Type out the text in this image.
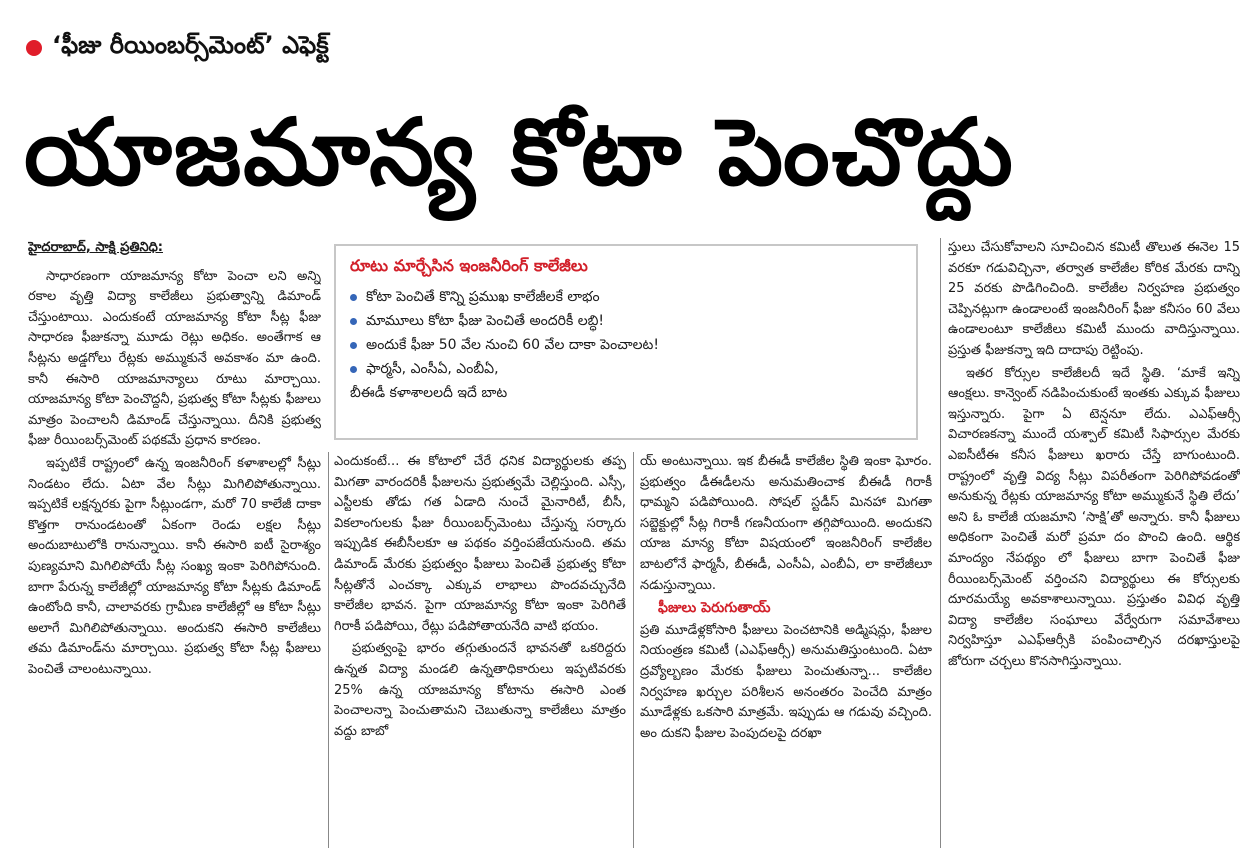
‘ఫీజు రీయింబర్స్‌మెంట్’ ఎఫెక్ట్
యాజమాన్య కోటా పెంచొద్దు

హైదరాబాద్, సాక్షి ప్రతినిధి:

సాధారణంగా యాజమాన్య కోటా పెంచా లని అన్ని రకాల వృత్తి విద్యా కాలేజీలు ప్రభుత్వాన్ని డిమాండ్ చేస్తుంటాయి. ఎందుకంటే యాజమాన్య కోటా సీట్ల ఫీజు సాధారణ ఫీజుకన్నా మూడు రెట్లు అధికం. అంతేగాక ఆ సీట్లను అడ్డగోలు రేట్లకు అమ్ముకునే అవకాశం మా ఉంది. కానీ ఈసారి యాజమాన్యాలు రూటు మార్చాయి. యాజమాన్య కోటా పెంచొద్దనీ, ప్రభుత్వ కోటా సీట్లకు ఫీజులు మాత్రం పెంచాలనీ డిమాండ్ చేస్తున్నాయి. దీనికి ప్రభుత్వ ఫీజు రీయింబర్స్‌మెంట్ పథకమే ప్రధాన కారణం.

ఇప్పటికే రాష్ట్రంలో ఉన్న ఇంజనీరింగ్ కళాశాలల్లో సీట్లు నిండటం లేదు. ఏటా వేల సీట్లు మిగిలిపోతున్నాయి. ఇప్పటికే లక్షన్నరకు పైగా సీట్లుండగా, మరో 70 కాలేజీ దాకా కొత్తగా రానుండటంతో ఏకంగా రెండు లక్షల సీట్లు అందుబాటులోకి రానున్నాయి. కానీ ఈసారి ఐటీ సైరాశ్యం పుణ్యమాని మిగిలిపోయే సీట్ల సంఖ్య ఇంకా పెరిగిపోనుంది. బాగా పేరున్న కాలేజీల్లో యాజమాన్య కోటా సీట్లకు డిమాండ్ ఉంటోంది కానీ, చాలావరకు గ్రామీణ కాలేజీల్లో ఆ కోటా సీట్లు అలాగే మిగిలిపోతున్నాయి. అందుకని ఈసారి కాలేజీలు తమ డిమాండ్‌ను మార్చాయి. ప్రభుత్వ కోటా సీట్ల ఫీజులు పెంచితే చాలంటున్నాయి.

రూటు మార్చేసిన ఇంజనీరింగ్ కాలేజీలు
కోటా పెంచితే కొన్ని ప్రముఖ కాలేజీలకే లాభం
మామూలు కోటా ఫీజు పెంచితే అందరికీ లబ్ధి!
అందుకే ఫీజు 50 వేల నుంచి 60 వేల దాకా పెంచాలట!
ఫార్మసీ, ఎంసీఏ, ఎంబీఏ,
బీఈడీ కళాశాలలదీ ఇదే బాట

ఎందుకంటే... ఈ కోటాలో చేరే ధనిక విద్యార్థులకు తప్ప మిగతా వారందరికీ ఫీజులను ప్రభుత్వమే చెల్లిస్తుంది. ఎస్సీ, ఎస్టీలకు తోడు గత ఏడాది నుంచే మైనారిటీ, బీసీ, వికలాంగులకు ఫీజు రీయింబర్స్‌మెంటు చేస్తున్న సర్కారు ఇప్పుడిక ఈబీసీలకూ ఆ పథకం వర్తింపజేయనుంది. తమ డిమాండ్ మేరకు ప్రభుత్వం ఫీజులు పెంచితే ప్రభుత్వ కోటా సీట్లతోనే ఎంచక్కా ఎక్కువ లాభాలు పొందవచ్చునేది కాలేజీల భావన. పైగా యాజమాన్య కోటా ఇంకా పెరిగితే గిరాకీ పడిపోయి, రేట్లు పడిపోతాయనేది వాటి భయం.

ప్రభుత్వంపై భారం తగ్గుతుందనే భావనతో ఒకరిద్దరు ఉన్నత విద్యా మండలి ఉన్నతాధికారులు ఇప్పటివరకు 25% ఉన్న యాజమాన్య కోటాను ఈసారి ఎంత పెంచాలన్నా పెంచుతామని చెబుతున్నా కాలేజీలు మాత్రం వద్దు బాబో

య్ అంటున్నాయి. ఇక బీఈడీ కాలేజీల స్థితి ఇంకా ఘోరం. ప్రభుత్వం డీఈడీలను అనుమతించాక బీఈడీ గిరాకీ ధామ్మని పడిపోయింది. సోషల్ స్టడీస్ మినహా మిగతా సబ్జెక్టుల్లో సీట్ల గిరాకీ గణనీయంగా తగ్గిపోయింది. అందుకని యాజ మాన్య కోటా విషయంలో ఇంజనీరింగ్ కాలేజీల బాటలోనే ఫార్మసీ, బీఈడీ, ఎంసీఏ, ఎంబీఏ, లా కాలేజీలూ నడుస్తున్నాయి.

ఫీజులు పెరుగుతాయ్

ప్రతి మూడేళ్లకోసారి ఫీజులు పెంచటానికి అడ్మిషన్లు, ఫీజుల నియంత్రణ కమిటీ (ఎఎఫ్ఆర్సీ) అనుమతిస్తుంటుంది. ఏటా ద్రవ్యోల్బణం మేరకు ఫీజులు పెంచుతున్నా... కాలేజీల నిర్వహణ ఖర్చుల పరిశీలన అనంతరం పెంచేది మాత్రం మూడేళ్లకు ఒకసారి మాత్రమే. ఇప్పుడు ఆ గడువు వచ్చింది. అం దుకని ఫీజుల పెంపుదలపై దరఖా

స్తులు చేసుకోవాలని సూచించిన కమిటీ తొలుత ఈనెల 15 వరకూ గడువిచ్చినా, తర్వాత కాలేజీల కోరిక మేరకు దాన్ని 25 వరకు పొడిగించింది. కాలేజీల నిర్వహణ ప్రభుత్వం చెప్పినట్లుగా ఉండాలంటే ఇంజనీరింగ్ ఫీజు కనీసం 60 వేలు ఉండాలంటూ కాలేజీలు కమిటీ ముందు వాదిస్తున్నాయి. ప్రస్తుత ఫీజుకన్నా ఇది దాదాపు రెట్టింపు.

ఇతర కోర్సుల కాలేజీలదీ ఇదే స్థితి. ‘మాకే ఇన్ని ఆంక్షలు. కాన్వెంట్ నడిపించుకుంటే ఇంతకు ఎక్కువ ఫీజులు ఇస్తున్నారు. పైగా ఏ టెన్షనూ లేదు. ఎఎఫ్ఆర్సీ విచారణకన్నా ముందే యశ్పాల్ కమిటీ సిఫార్సుల మేరకు ఎఐసీటీఈ కనీస ఫీజులు ఖరారు చేస్తే బాగుంటుంది. రాష్ట్రంలో వృత్తి విద్య సీట్లు విపరీతంగా పెరిగిపోవడంతో అనుకున్న రేట్లకు యాజమాన్య కోటా అమ్ముకునే స్థితి లేదు’ అని ఓ కాలేజీ యజమాని ‘సాక్షి’తో అన్నారు. కానీ ఫీజులు అధికంగా పెంచితే మరో ప్రమా దం పొంచి ఉంది. ఆర్థిక మాంద్యం నేపథ్యం లో ఫీజులు బాగా పెంచితే ఫీజు రీయింబర్స్‌మెంట్ వర్తించని విద్యార్థులు ఈ కోర్సులకు దూరమయ్యే అవకాశాలున్నాయి. ప్రస్తుతం వివిధ వృత్తి విద్యా కాలేజీల సంఘాలు వేర్వేరుగా సమావేశాలు నిర్వహిస్తూ ఎఎఫ్ఆర్సీకి పంపించాల్సిన దరఖాస్తులపై జోరుగా చర్చలు కొనసాగిస్తున్నాయి.
